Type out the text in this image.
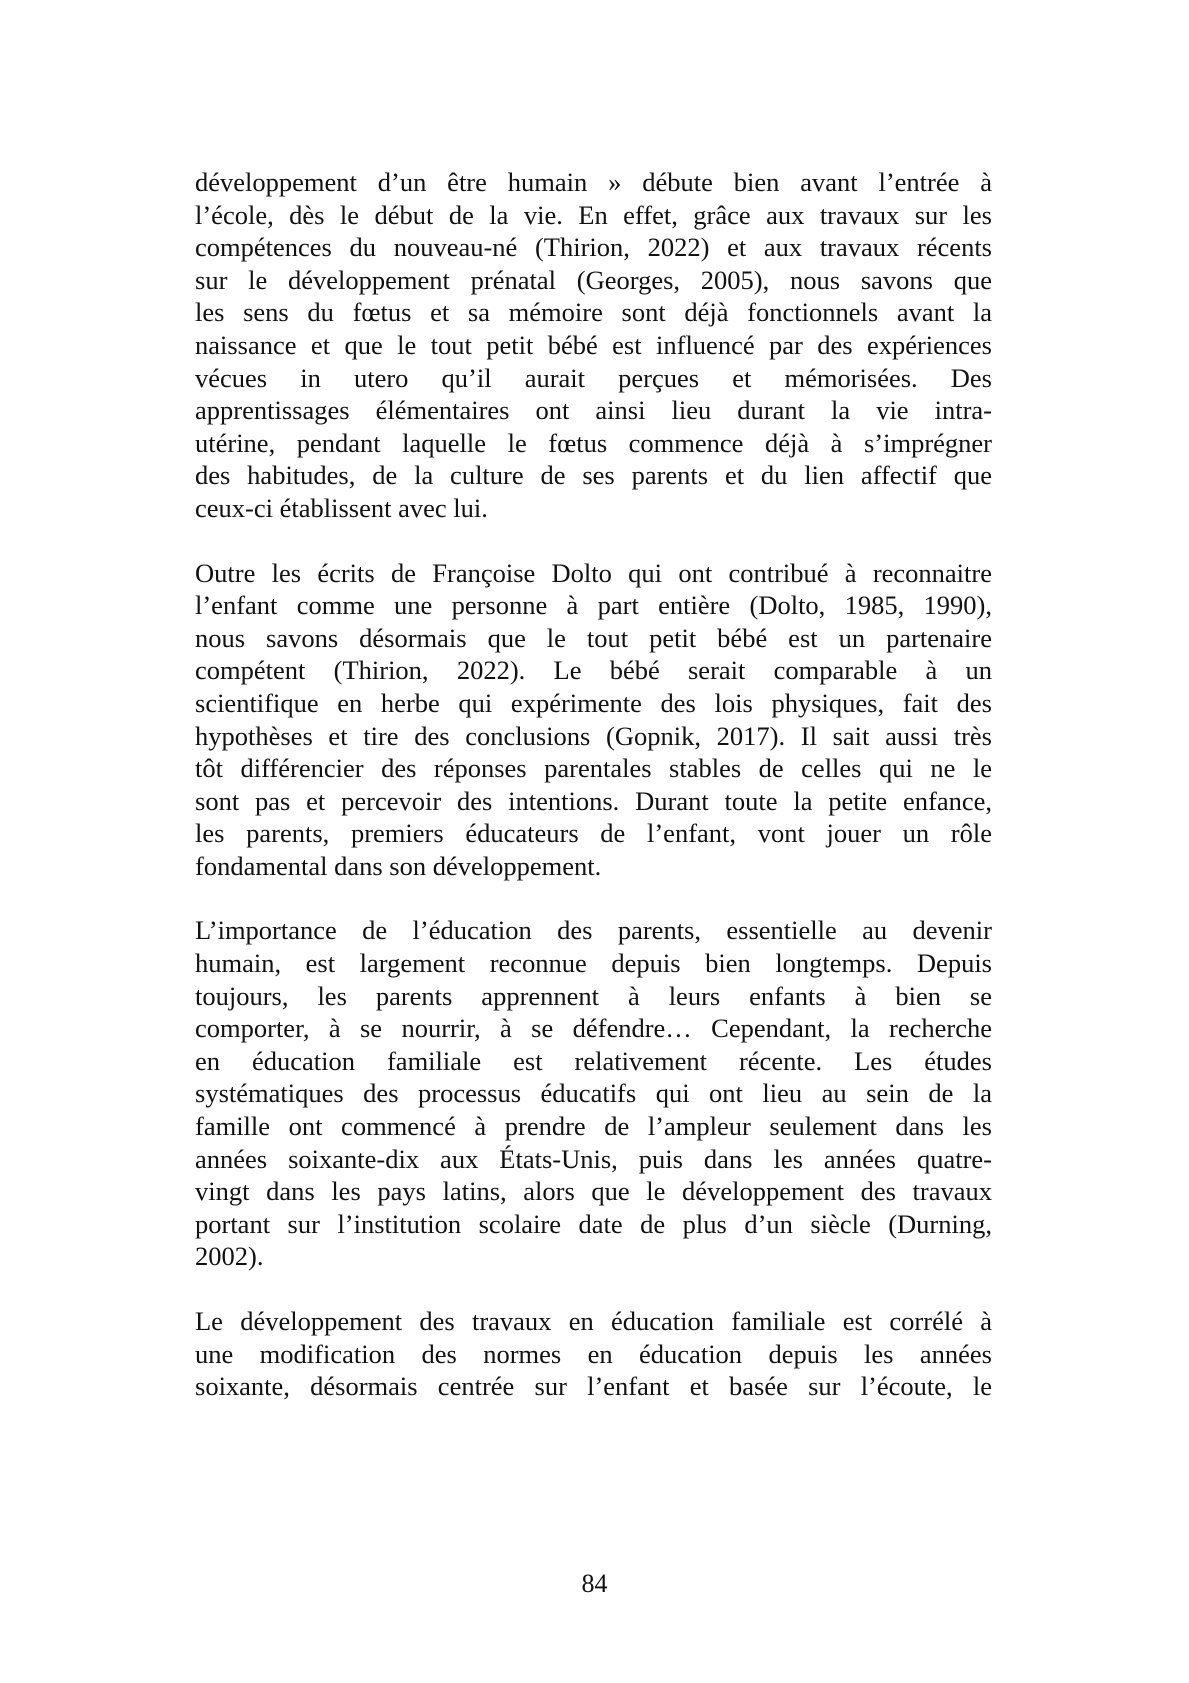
développement d’un être humain » débute bien avant l’entrée à
l’école, dès le début de la vie. En effet, grâce aux travaux sur les
compétences du nouveau-né (Thirion, 2022) et aux travaux récents
sur le développement prénatal (Georges, 2005), nous savons que
les sens du fœtus et sa mémoire sont déjà fonctionnels avant la
naissance et que le tout petit bébé est influencé par des expériences
vécues in utero qu’il aurait perçues et mémorisées. Des
apprentissages élémentaires ont ainsi lieu durant la vie intra-
utérine, pendant laquelle le fœtus commence déjà à s’imprégner
des habitudes, de la culture de ses parents et du lien affectif que
ceux-ci établissent avec lui.

Outre les écrits de Françoise Dolto qui ont contribué à reconnaitre
l’enfant comme une personne à part entière (Dolto, 1985, 1990),
nous savons désormais que le tout petit bébé est un partenaire
compétent (Thirion, 2022). Le bébé serait comparable à un
scientifique en herbe qui expérimente des lois physiques, fait des
hypothèses et tire des conclusions (Gopnik, 2017). Il sait aussi très
tôt différencier des réponses parentales stables de celles qui ne le
sont pas et percevoir des intentions. Durant toute la petite enfance,
les parents, premiers éducateurs de l’enfant, vont jouer un rôle
fondamental dans son développement.

L’importance de l’éducation des parents, essentielle au devenir
humain, est largement reconnue depuis bien longtemps. Depuis
toujours, les parents apprennent à leurs enfants à bien se
comporter, à se nourrir, à se défendre… Cependant, la recherche
en éducation familiale est relativement récente. Les études
systématiques des processus éducatifs qui ont lieu au sein de la
famille ont commencé à prendre de l’ampleur seulement dans les
années soixante-dix aux États-Unis, puis dans les années quatre-
vingt dans les pays latins, alors que le développement des travaux
portant sur l’institution scolaire date de plus d’un siècle (Durning,
2002).

Le développement des travaux en éducation familiale est corrélé à
une modification des normes en éducation depuis les années
soixante, désormais centrée sur l’enfant et basée sur l’écoute, le

84
